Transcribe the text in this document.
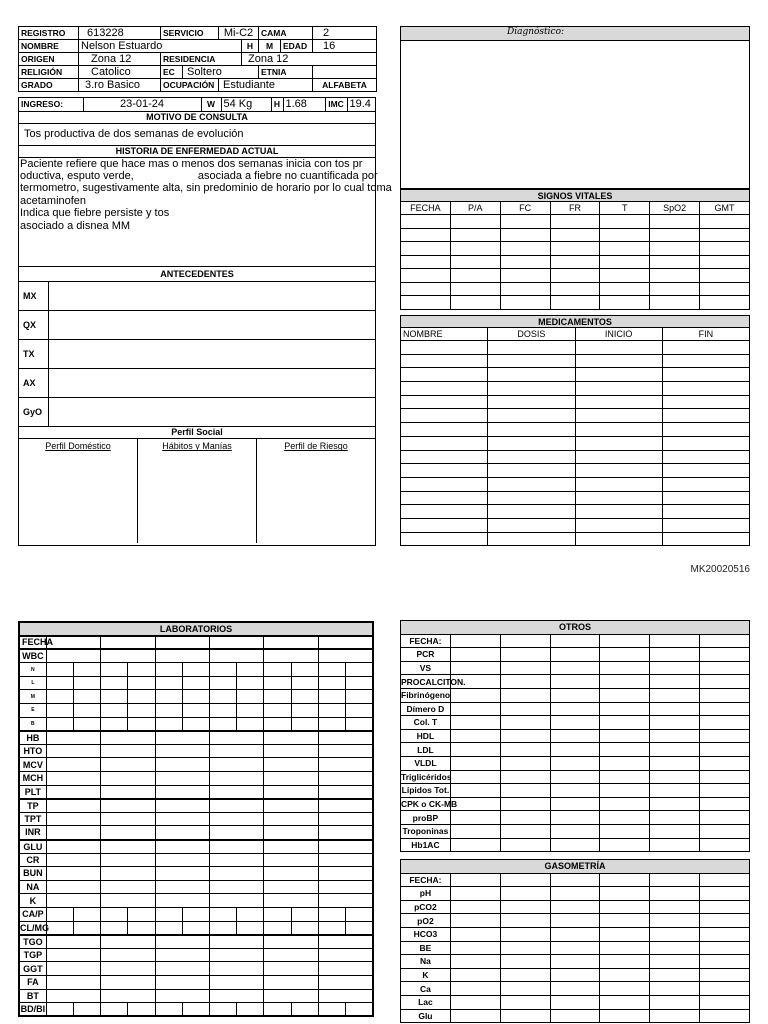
REGISTRO	613228	SERVICIO		Mi-C2		CAMA		2
NOMBRE	Nelson Estuardo				H	M	EDAD	16
ORIGEN	Zona 12	RESIDENCIA			Zona 12			
RELIGIÓN	Catolico	EC	Soltero			ETNIA		
GRADO	3.ro Basico	OCUPACIÓN		Estudiante				ALFABETA
INGRESO:	23-01-24	W	54 Kg	H	1.68	IMC	19.4
MOTIVO DE CONSULTA
Tos productiva de dos semanas de evolución
HISTORIA DE ENFERMEDAD ACTUAL
Paciente refiere que hace mas o menos dos semanas inicia con tos pr
oductiva, esputo verde,                     asociada a fiebre no cuantificada por
termometro, sugestivamente alta, sin predominio de horario por lo cual toma
acetaminofen
Indica que fiebre persiste y tos
asociado a disnea MM
ANTECEDENTES
MX
QX
TX
AX
GyO
Perfil Social
Perfil Doméstico	Hábitos y Manías	Perfil de Riesgo
Diagnóstico:
SIGNOS VITALES						
FECHA	P/A	FC	FR	T	SpO2	GMT

MEDICAMENTOS			
NOMBRE	DOSIS	INICIO	FIN

MK20020516
LABORATORIOS												
FECHA												
WBC												
N												
L												
M												
E												
B												
HB												
HTO												
MCV												
MCH												
PLT												
TP												
TPT												
INR												
GLU												
CR												
BUN												
NA												
K												
CA/P												
CL/MG												
TGO												
TGP												
GGT												
FA												
BT												
BD/BI												
OTROS						
FECHA:						
PCR						
VS						
PROCALCITON.						
Fibrinógeno						
Dímero D						
Col. T						
HDL						
LDL						
VLDL						
Triglicéridos						
Lípidos Tot.						
CPK o CK-MB						
proBP						
Troponinas						
Hb1AC						
GASOMETRÍA						
FECHA:						
pH						
pCO2						
pO2						
HCO3						
BE						
Na						
K						
Ca						
Lac						
Glu						
